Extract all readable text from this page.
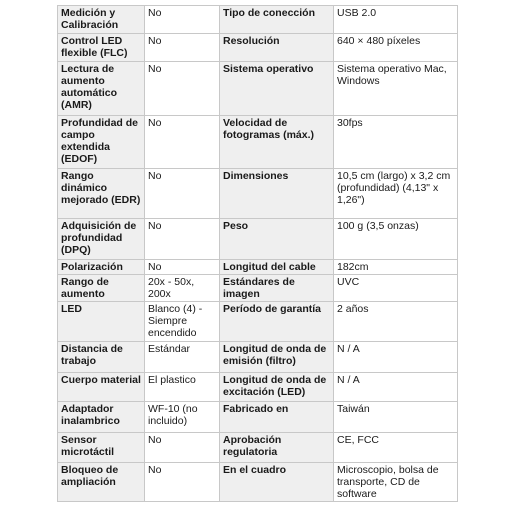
Medición y Calibración	No	Tipo de conección	USB 2.0
Control LED flexible (FLC)	No	Resolución	640 × 480 píxeles
Lectura de aumento automático (AMR)	No	Sistema operativo	Sistema operativo Mac, Windows
Profundidad de campo extendida (EDOF)	No	Velocidad de fotogramas (máx.)	30fps
Rango dinámico mejorado (EDR)	No	Dimensiones	10,5 cm (largo) x 3,2 cm (profundidad) (4,13" x 1,26")
Adquisición de profundidad (DPQ)	No	Peso	100 g (3,5 onzas)
Polarización	No	Longitud del cable	182cm
Rango de aumento	20x - 50x, 200x	Estándares de imagen	UVC
LED	Blanco (4) - Siempre encendido	Período de garantía	2 años
Distancia de trabajo	Estándar	Longitud de onda de emisión (filtro)	N / A
Cuerpo material	El plastico	Longitud de onda de excitación (LED)	N / A
Adaptador inalambrico	WF-10 (no incluido)	Fabricado en	Taiwán
Sensor microtáctil	No	Aprobación regulatoria	CE, FCC
Bloqueo de ampliación	No	En el cuadro	Microscopio, bolsa de transporte, CD de software
